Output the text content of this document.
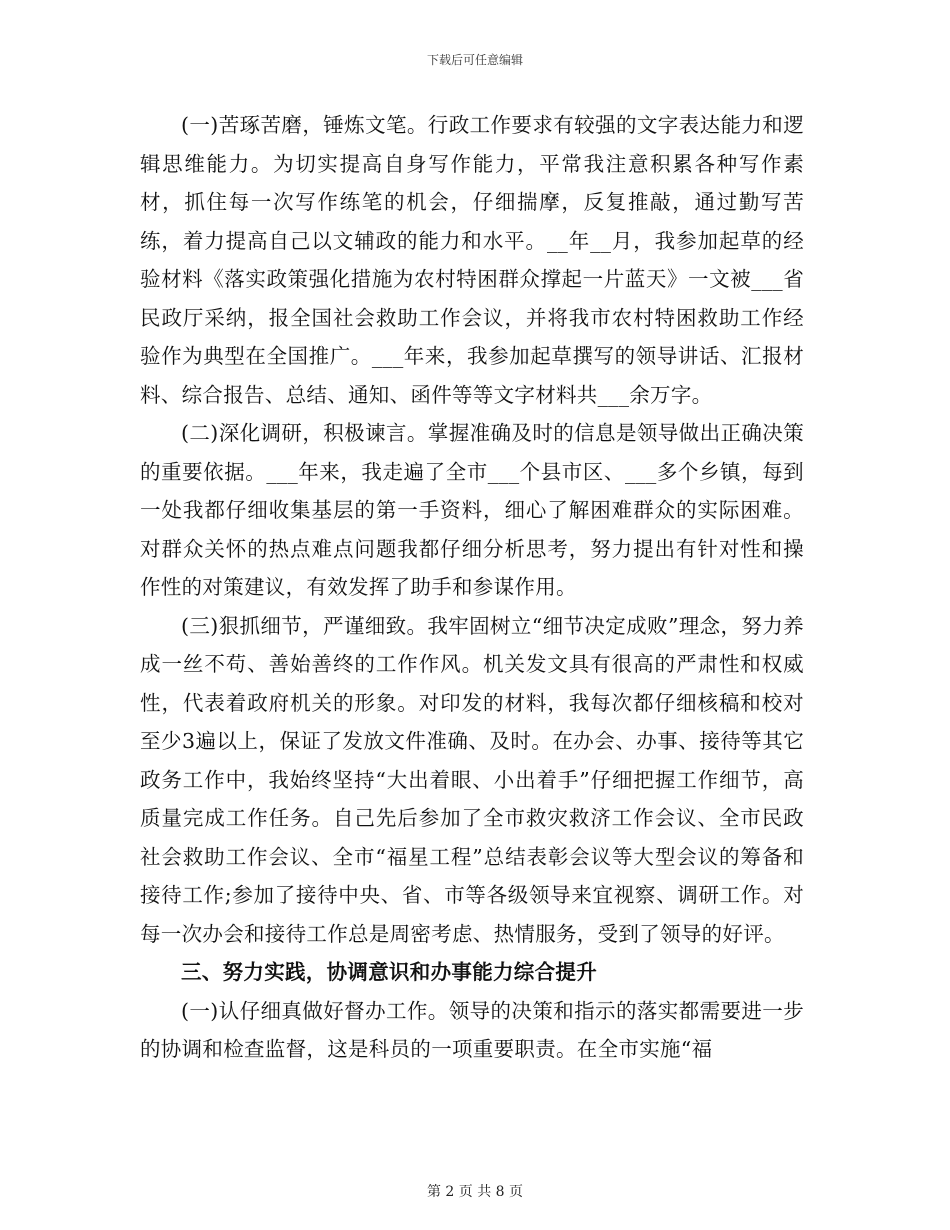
下载后可任意编辑

(一)苦琢苦磨，锤炼文笔。行政工作要求有较强的文字表达能力和逻辑思维能力。为切实提高自身写作能力，平常我注意积累各种写作素材，抓住每一次写作练笔的机会，仔细揣摩，反复推敲，通过勤写苦练，着力提高自己以文辅政的能力和水平。__年__月，我参加起草的经验材料《落实政策强化措施为农村特困群众撑起一片蓝天》一文被___省民政厅采纳，报全国社会救助工作会议，并将我市农村特困救助工作经验作为典型在全国推广。___年来，我参加起草撰写的领导讲话、汇报材料、综合报告、总结、通知、函件等等文字材料共___余万字。

(二)深化调研，积极谏言。掌握准确及时的信息是领导做出正确决策的重要依据。___年来，我走遍了全市___个县市区、___多个乡镇，每到一处我都仔细收集基层的第一手资料，细心了解困难群众的实际困难。对群众关怀的热点难点问题我都仔细分析思考，努力提出有针对性和操作性的对策建议，有效发挥了助手和参谋作用。

(三)狠抓细节，严谨细致。我牢固树立“细节决定成败”理念，努力养成一丝不苟、善始善终的工作作风。机关发文具有很高的严肃性和权威性，代表着政府机关的形象。对印发的材料，我每次都仔细核稿和校对至少3遍以上，保证了发放文件准确、及时。在办会、办事、接待等其它政务工作中，我始终坚持“大出着眼、小出着手”仔细把握工作细节，高质量完成工作任务。自己先后参加了全市救灾救济工作会议、全市民政社会救助工作会议、全市“福星工程”总结表彰会议等大型会议的筹备和接待工作;参加了接待中央、省、市等各级领导来宜视察、调研工作。对每一次办会和接待工作总是周密考虑、热情服务，受到了领导的好评。

三、努力实践，协调意识和办事能力综合提升

(一)认仔细真做好督办工作。领导的决策和指示的落实都需要进一步的协调和检查监督，这是科员的一项重要职责。在全市实施“福

第 2 页 共 8 页
